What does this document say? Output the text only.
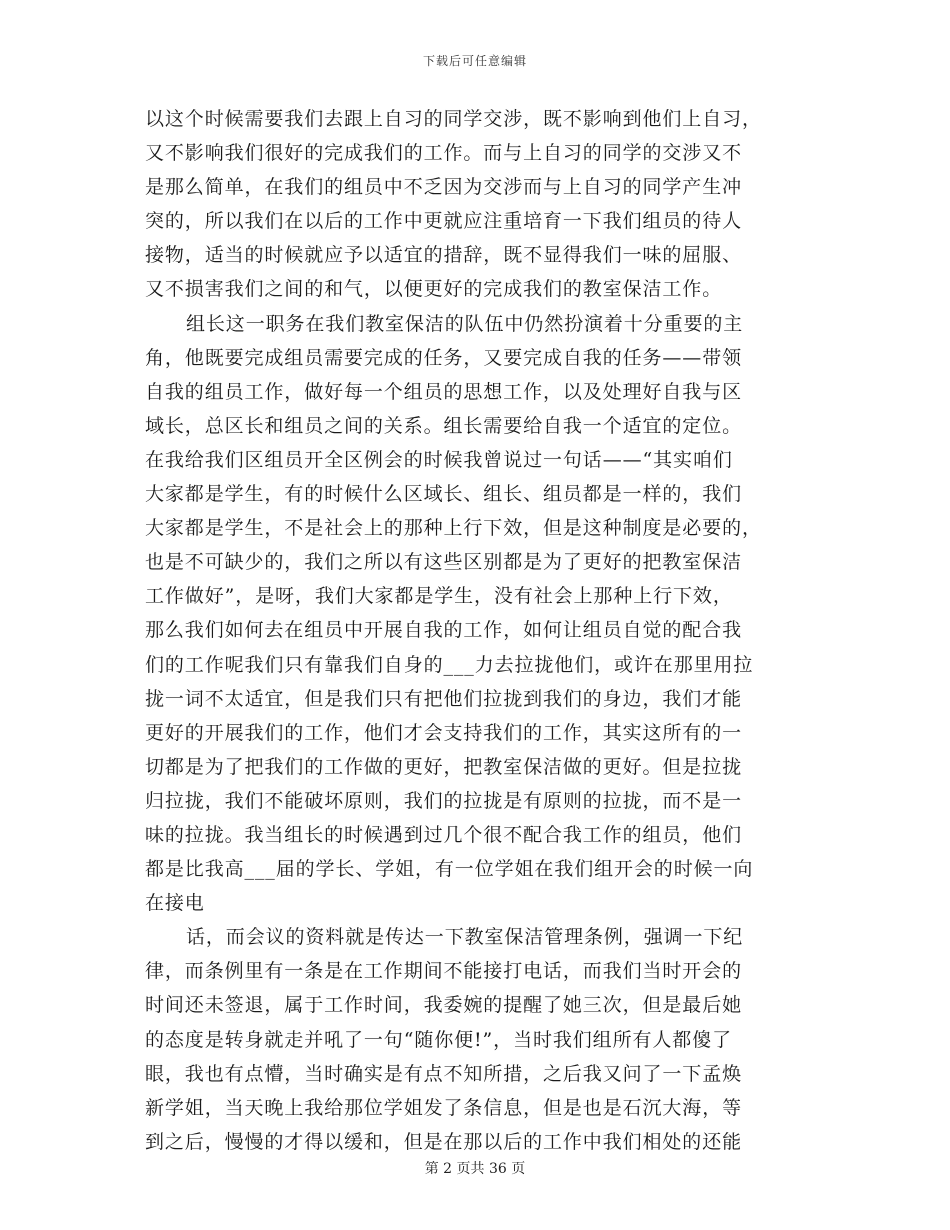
下载后可任意编辑
以这个时候需要我们去跟上自习的同学交涉，既不影响到他们上自习，
又不影响我们很好的完成我们的工作。而与上自习的同学的交涉又不
是那么简单，在我们的组员中不乏因为交涉而与上自习的同学产生冲
突的，所以我们在以后的工作中更就应注重培育一下我们组员的待人
接物，适当的时候就应予以适宜的措辞，既不显得我们一味的屈服、
又不损害我们之间的和气，以便更好的完成我们的教室保洁工作。
组长这一职务在我们教室保洁的队伍中仍然扮演着十分重要的主
角，他既要完成组员需要完成的任务，又要完成自我的任务——带领
自我的组员工作，做好每一个组员的思想工作，以及处理好自我与区
域长，总区长和组员之间的关系。组长需要给自我一个适宜的定位。
在我给我们区组员开全区例会的时候我曾说过一句话——“其实咱们
大家都是学生，有的时候什么区域长、组长、组员都是一样的，我们
大家都是学生，不是社会上的那种上行下效，但是这种制度是必要的，
也是不可缺少的，我们之所以有这些区别都是为了更好的把教室保洁
工作做好”，是呀，我们大家都是学生，没有社会上那种上行下效，
那么我们如何去在组员中开展自我的工作，如何让组员自觉的配合我
们的工作呢我们只有靠我们自身的___力去拉拢他们，或许在那里用拉
拢一词不太适宜，但是我们只有把他们拉拢到我们的身边，我们才能
更好的开展我们的工作，他们才会支持我们的工作，其实这所有的一
切都是为了把我们的工作做的更好，把教室保洁做的更好。但是拉拢
归拉拢，我们不能破坏原则，我们的拉拢是有原则的拉拢，而不是一
味的拉拢。我当组长的时候遇到过几个很不配合我工作的组员，他们
都是比我高___届的学长、学姐，有一位学姐在我们组开会的时候一向
在接电
话，而会议的资料就是传达一下教室保洁管理条例，强调一下纪
律，而条例里有一条是在工作期间不能接打电话，而我们当时开会的
时间还未签退，属于工作时间，我委婉的提醒了她三次，但是最后她
的态度是转身就走并吼了一句“随你便!”，当时我们组所有人都傻了
眼，我也有点懵，当时确实是有点不知所措，之后我又问了一下孟焕
新学姐，当天晚上我给那位学姐发了条信息，但是也是石沉大海，等
到之后，慢慢的才得以缓和，但是在那以后的工作中我们相处的还能
第 2 页共 36 页
